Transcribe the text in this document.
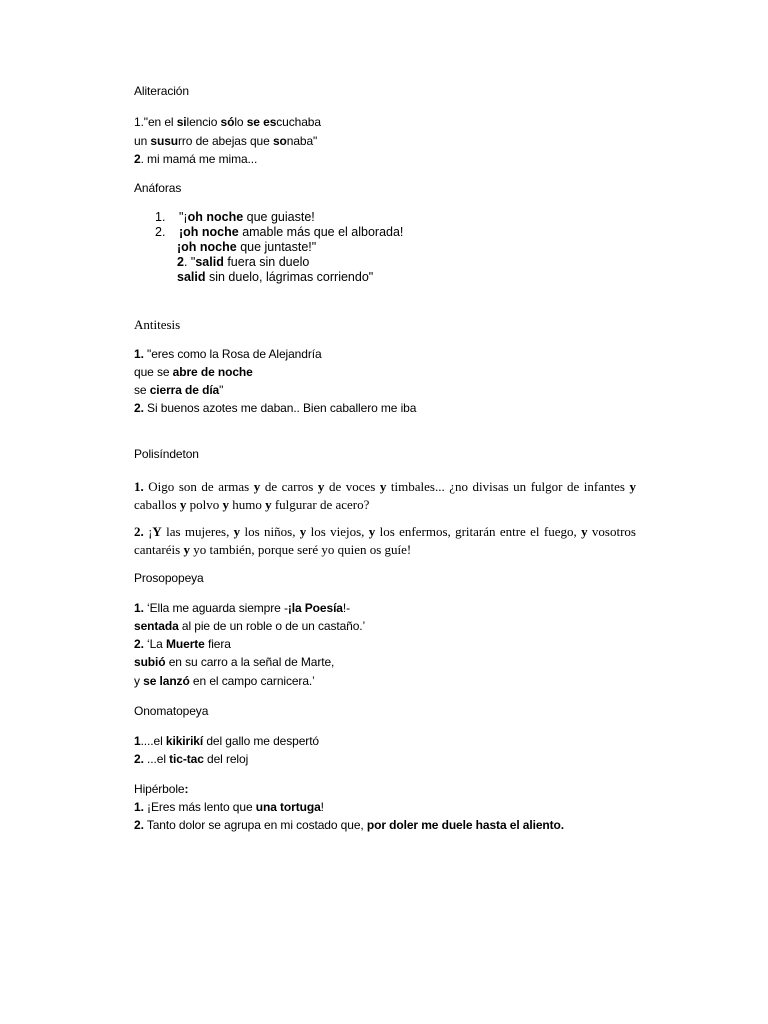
Aliteración
1."en el silencio sólo se escuchaba
un susurro de abejas que sonaba"
2. mi mamá me mima...
Anáforas
1. "¡oh noche que guiaste!
2. ¡oh noche amable más que el alborada!
¡oh noche que juntaste!"
2. "salid fuera sin duelo
salid sin duelo, lágrimas corriendo"
Antitesis
1. "eres como la Rosa de Alejandría
que se abre de noche
se cierra de día"
2. Si buenos azotes me daban.. Bien caballero me iba
Polisíndeton
1. Oigo son de armas y de carros y de voces y timbales... ¿no divisas un fulgor de infantes y
caballos y polvo y humo y fulgurar de acero?
2. ¡Y las mujeres, y los niños, y los viejos, y los enfermos, gritarán entre el fuego, y vosotros
cantaréis y yo también, porque seré yo quien os guíe!
Prosopopeya
1. ‘Ella me aguarda siempre -¡la Poesía!-
sentada al pie de un roble o de un castaño.’
2. ‘La Muerte fiera
subió en su carro a la señal de Marte,
y se lanzó en el campo carnicera.’
Onomatopeya
1....el kikirikí del gallo me despertó
2. ...el tic-tac del reloj
Hipérbole:
1. ¡Eres más lento que una tortuga!
2. Tanto dolor se agrupa en mi costado que, por doler me duele hasta el aliento.
